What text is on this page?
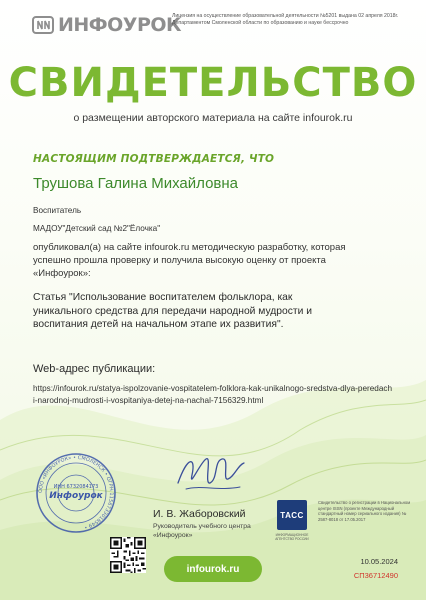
ИНФОУРОК
Лицензия на осуществление образовательной деятельности №5201 выдана 02 апреля 2018г. Департаментом Смоленской области по образованию и науке бессрочно
СВИДЕТЕЛЬСТВО
о размещении авторского материала на сайте infourok.ru
НАСТОЯЩИМ ПОДТВЕРЖДАЕТСЯ, ЧТО
Трушова Галина Михайловна
Воспитатель
МАДОУ"Детский сад №2"Ёлочка"
опубликовал(а) на сайте infourok.ru методическую разработку, которая успешно прошла проверку и получила высокую оценку от проекта «Инфоурок»:
Статья "Использование воспитателем фольклора, как уникального средства для передачи народной мудрости и воспитания детей на начальном этапе их развития".
Web-адрес публикации:
https://infourok.ru/statya-ispolzovanie-vospitatelem-folklora-kak-unikalnogo-sredstva-dlya-peredachi-narodnoj-mudrosti-i-vospitaniya-detej-na-nachal-7156329.html
ООО «ИНФОУРОК» • СМОЛЕНСК • ОГРН 1156733018549 •
ИНН 6732084173
Инфоурок
И. В. Жаборовский
Руководитель учебного центра «Инфоурок»
ТАСС
ИНФОРМАЦИОННОЕ АГЕНТСТВО РОССИИ
Свидетельство о регистрации в Национальном центре ISSN (проекте Международный стандартный номер сериального издания) № 2587-8018 от 17.05.2017
infourok.ru
10.05.2024
СП36712490
